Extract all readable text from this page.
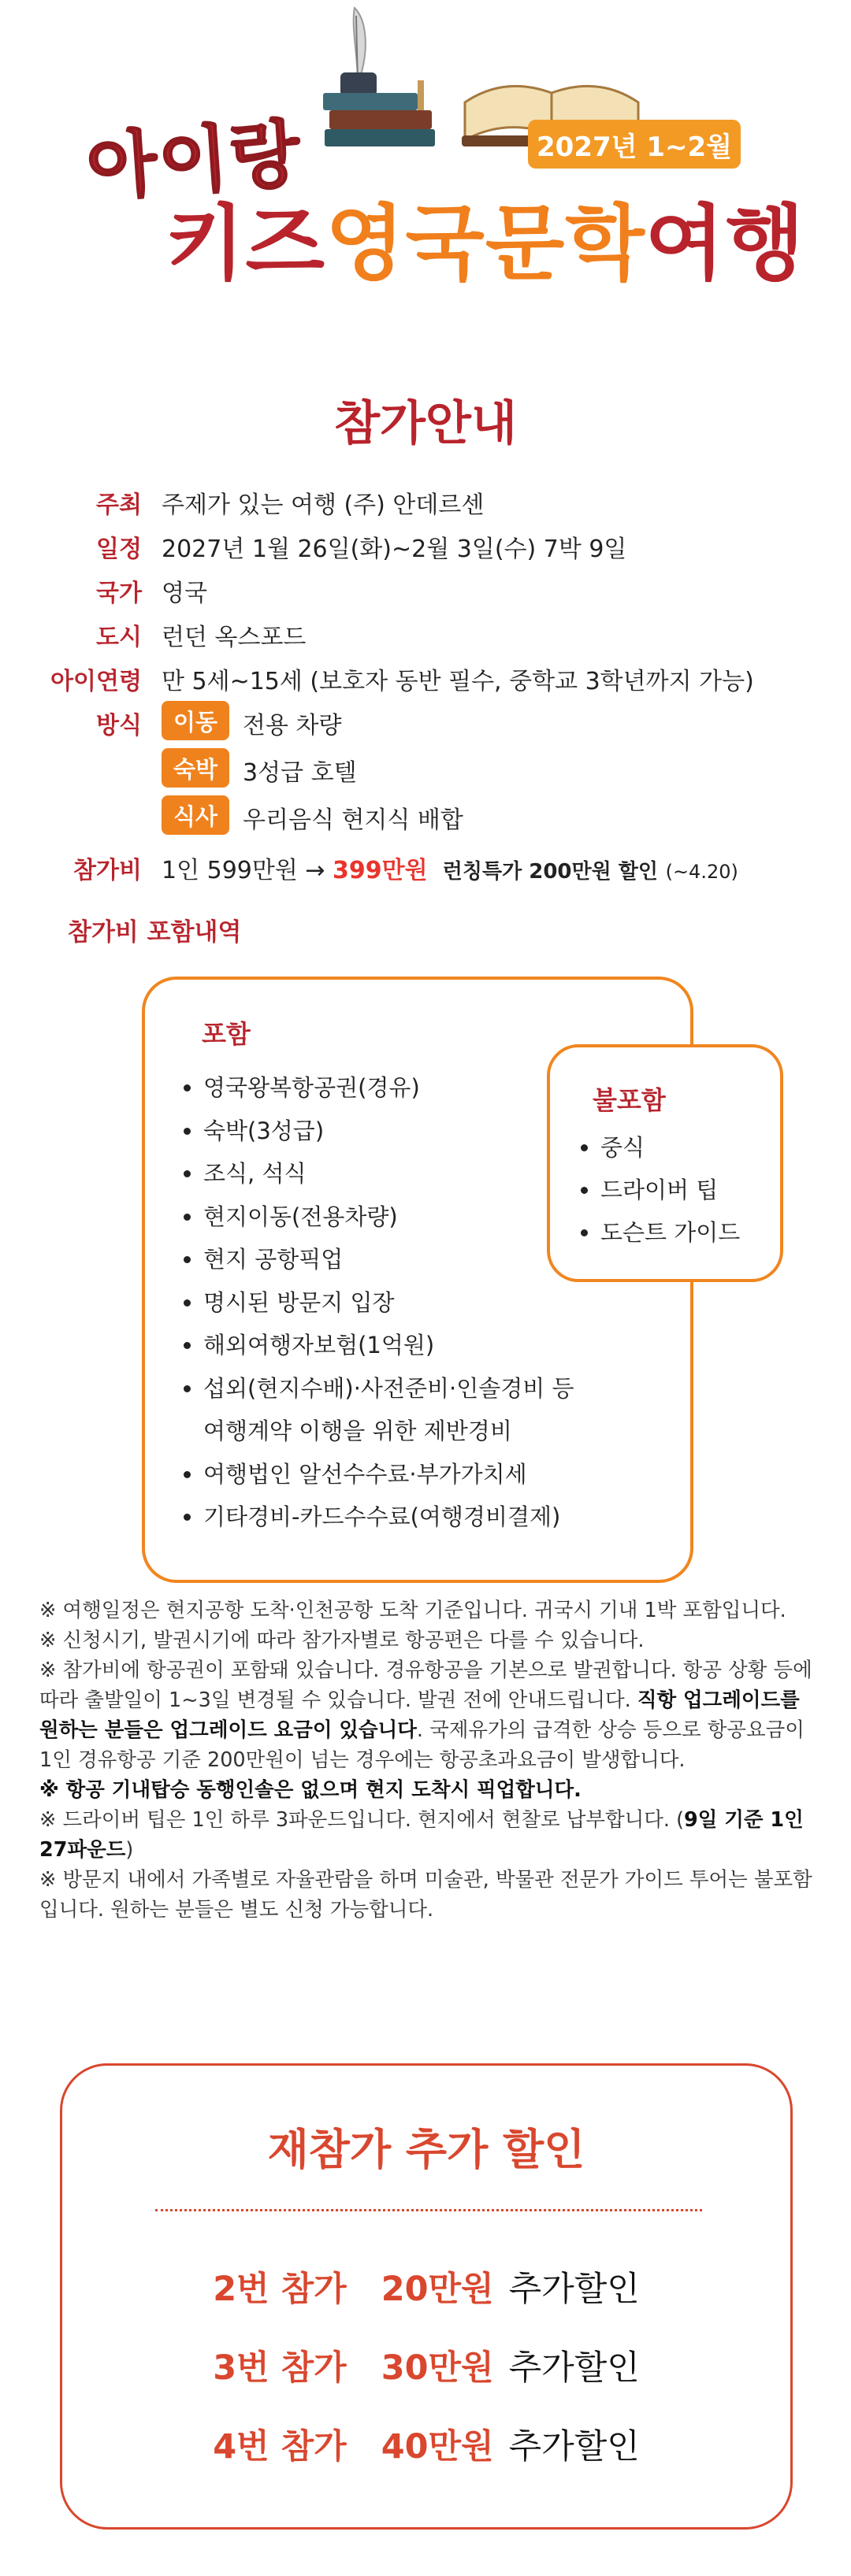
아이랑	2027년 1~2월
키즈영국문학여행
참가안내
주최 주제가 있는 여행 (주) 안데르센
일정 2027년 1월 26일(화)~2월 3일(수) 7박 9일
국가 영국
도시 런던 옥스포드
아이연령 만 5세~15세 (보호자 동반 필수, 중학교 3학년까지 가능)
방식	이동	전용 차량
숙박	3성급 호텔
식사	우리음식 현지식 배합
참가비 1인 599만원 → 399만원 런칭특가 200만원 할인 (~4.20)
참가비 포함내역
포함
• 영국왕복항공권(경유)
• 숙박(3성급)
• 조식, 석식
• 현지이동(전용차량)
• 현지 공항픽업
• 명시된 방문지 입장
• 해외여행자보험(1억원)
• 섭외(현지수배)·사전준비·인솔경비 등
여행계약 이행을 위한 제반경비
• 여행법인 알선수수료·부가가치세
• 기타경비-카드수수료(여행경비결제)
불포함
• 중식
• 드라이버 팁
• 도슨트 가이드

※ 여행일정은 현지공항 도착·인천공항 도착 기준입니다. 귀국시 기내 1박 포함입니다.

※ 신청시기, 발권시기에 따라 참가자별로 항공편은 다를 수 있습니다.

※ 참가비에 항공권이 포함돼 있습니다. 경유항공을 기본으로 발권합니다. 항공 상황 등에 따라 출발일이 1~3일 변경될 수 있습니다. 발권 전에 안내드립니다. 직항 업그레이드를 원하는 분들은 업그레이드 요금이 있습니다. 국제유가의 급격한 상승 등으로 항공요금이 1인 경유항공 기준 200만원이 넘는 경우에는 항공초과요금이 발생합니다.

※ 항공 기내탑승 동행인솔은 없으며 현지 도착시 픽업합니다.

※ 드라이버 팁은 1인 하루 3파운드입니다. 현지에서 현찰로 납부합니다. (9일 기준 1인 27파운드)

※ 방문지 내에서 가족별로 자율관람을 하며 미술관, 박물관 전문가 가이드 투어는 불포함입니다. 원하는 분들은 별도 신청 가능합니다.

재참가 추가 할인
2번 참가 20만원 추가할인
3번 참가 30만원 추가할인
4번 참가 40만원 추가할인
